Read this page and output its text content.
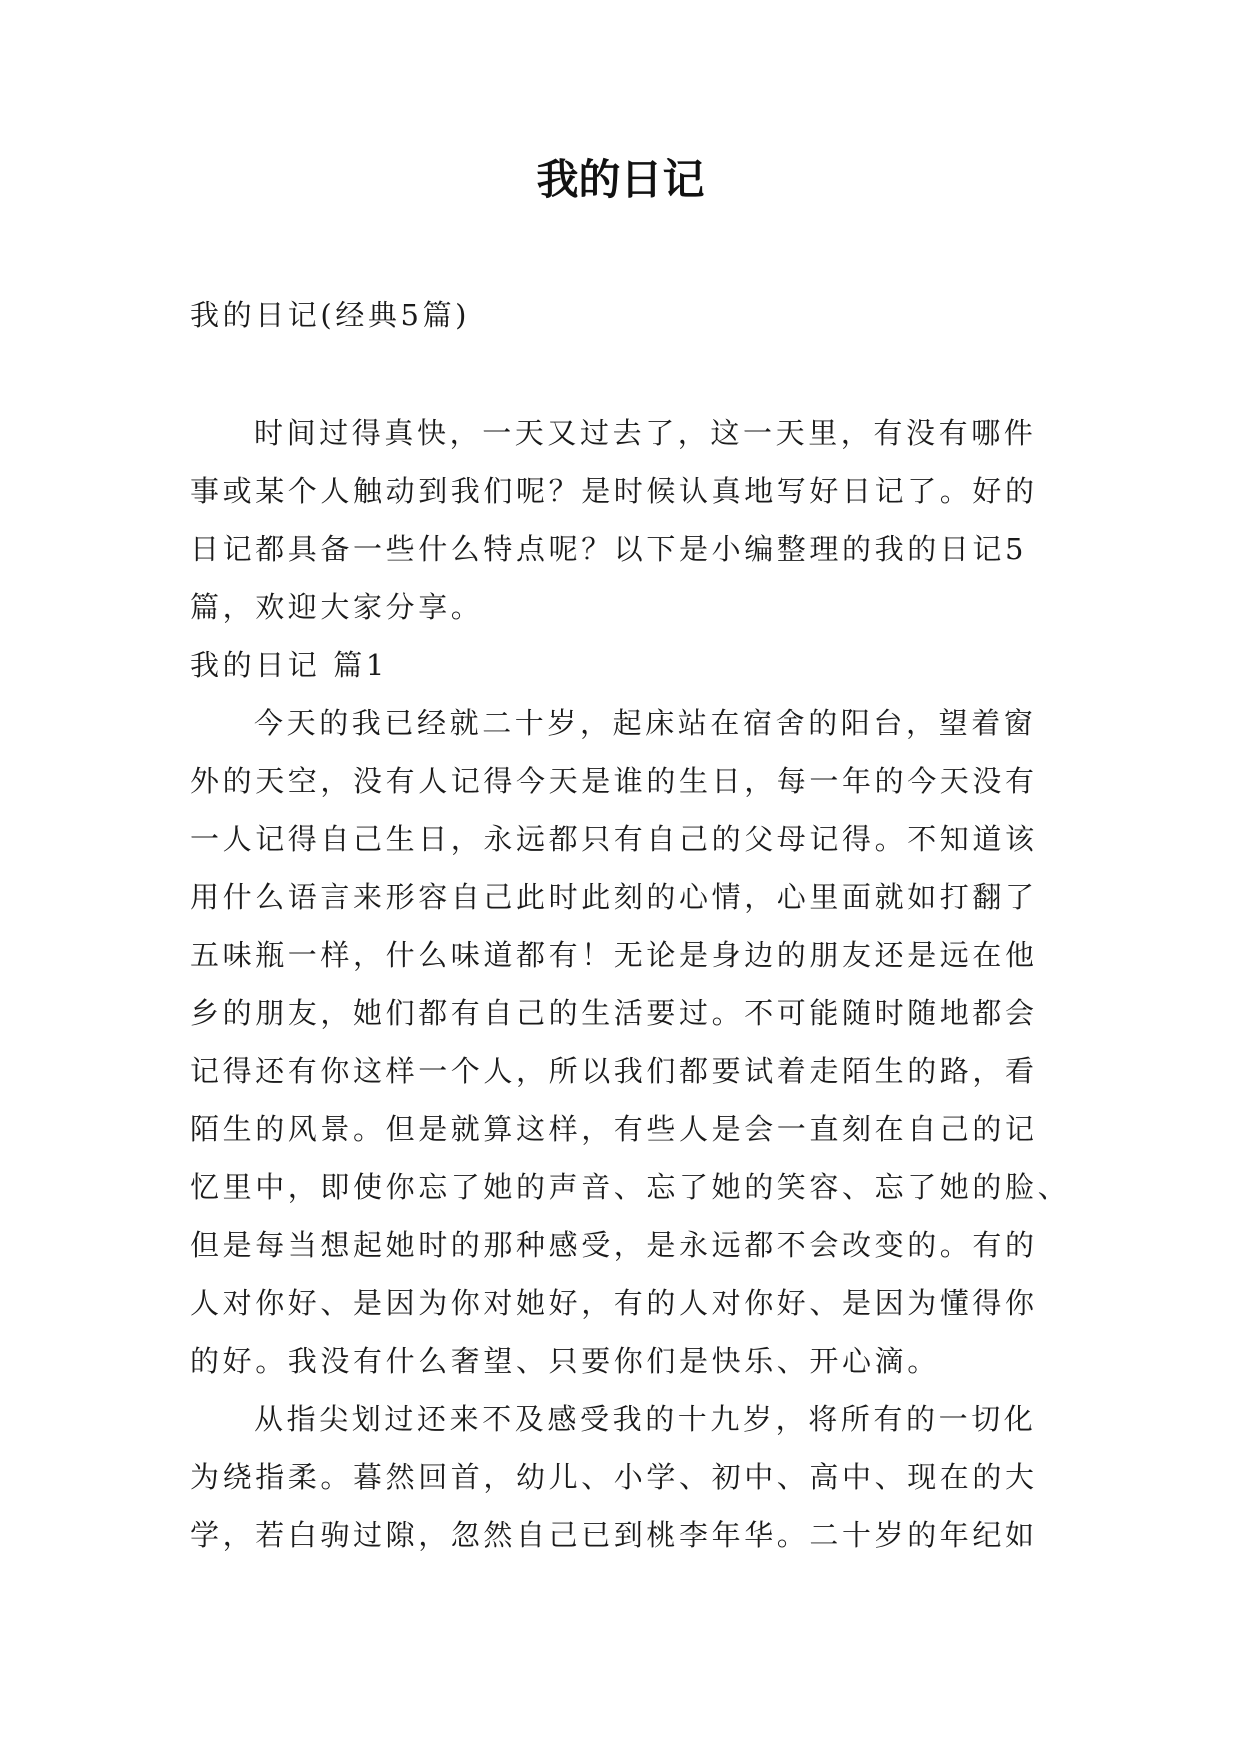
我的日记
我的日记(经典5篇)
时间过得真快，一天又过去了，这一天里，有没有哪件
事或某个人触动到我们呢？是时候认真地写好日记了。好的
日记都具备一些什么特点呢？以下是小编整理的我的日记5
篇，欢迎大家分享。
我的日记 篇1
今天的我已经就二十岁，起床站在宿舍的阳台，望着窗
外的天空，没有人记得今天是谁的生日，每一年的今天没有
一人记得自己生日，永远都只有自己的父母记得。不知道该
用什么语言来形容自己此时此刻的心情，心里面就如打翻了
五味瓶一样，什么味道都有！无论是身边的朋友还是远在他
乡的朋友，她们都有自己的生活要过。不可能随时随地都会
记得还有你这样一个人，所以我们都要试着走陌生的路，看
陌生的风景。但是就算这样，有些人是会一直刻在自己的记
忆里中，即使你忘了她的声音、忘了她的笑容、忘了她的脸、
但是每当想起她时的那种感受，是永远都不会改变的。有的
人对你好、是因为你对她好，有的人对你好、是因为懂得你
的好。我没有什么奢望、只要你们是快乐、开心滴。
从指尖划过还来不及感受我的十九岁，将所有的一切化
为绕指柔。暮然回首，幼儿、小学、初中、高中、现在的大
学，若白驹过隙，忽然自己已到桃李年华。二十岁的年纪如
